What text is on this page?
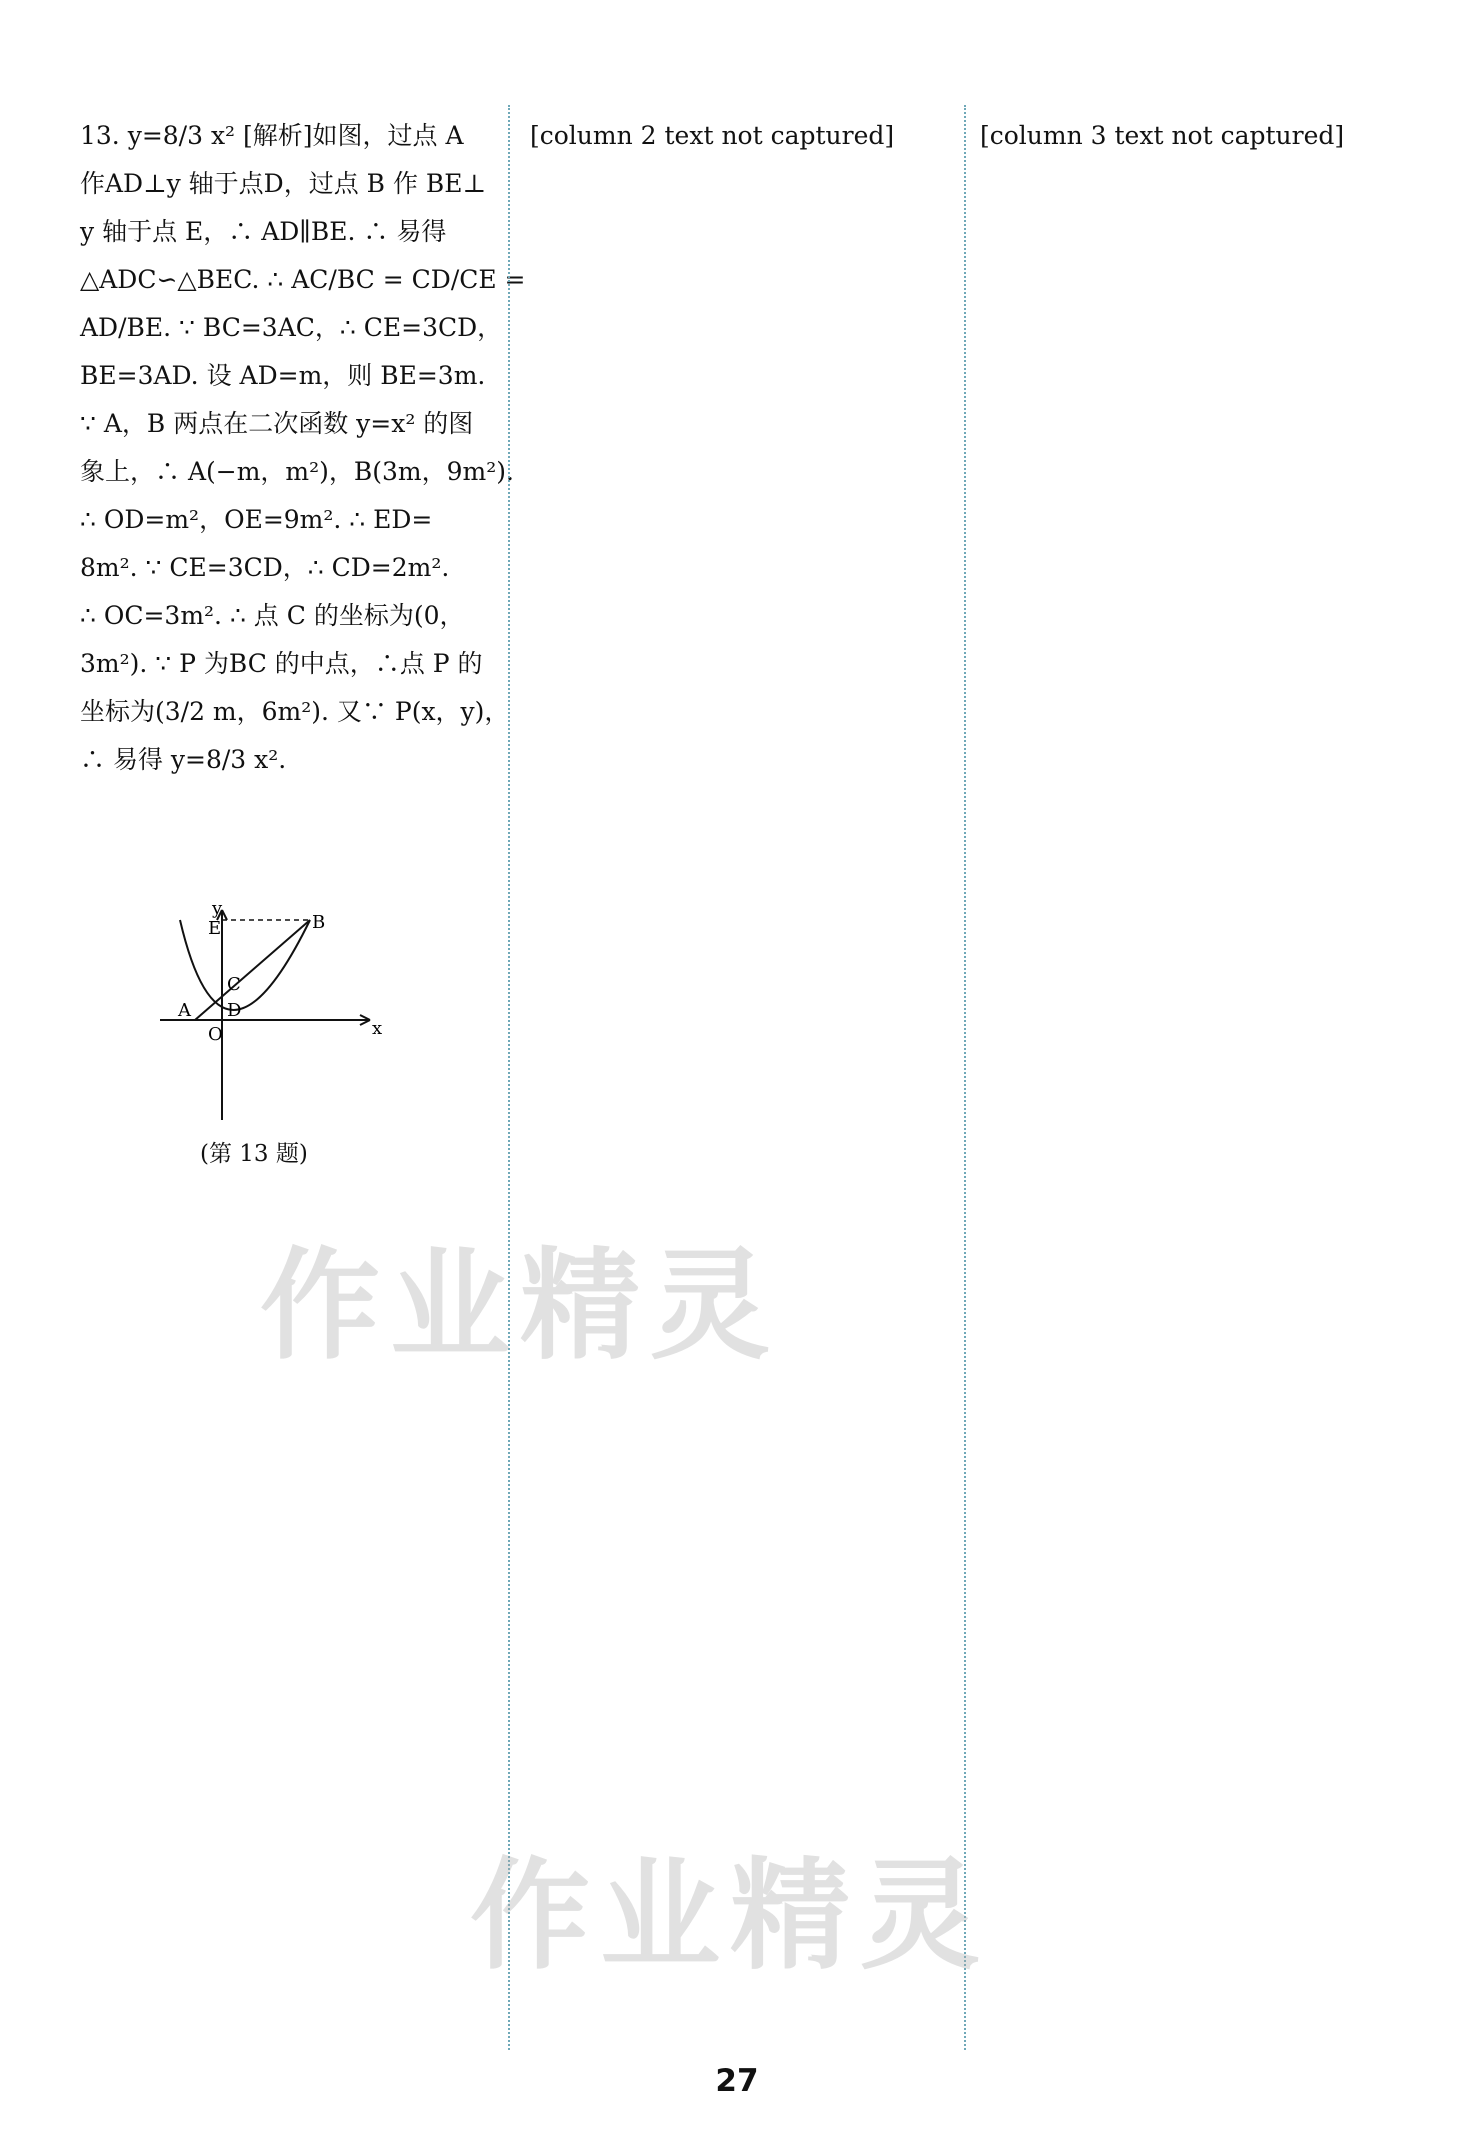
13. y=8/3 x² [解析]如图，过点 A

作AD⊥y 轴于点D，过点 B 作 BE⊥

y 轴于点 E，∴ AD∥BE. ∴ 易得

△ADC∽△BEC. ∴ AC/BC = CD/CE =

AD/BE. ∵ BC=3AC，∴ CE=3CD，

BE=3AD. 设 AD=m，则 BE=3m.

∵ A，B 两点在二次函数 y=x² 的图

象上，∴ A(−m，m²)，B(3m，9m²).

∴ OD=m²，OE=9m². ∴ ED=

8m². ∵ CE=3CD，∴ CD=2m².

∴ OC=3m². ∴ 点 C 的坐标为(0，

3m²). ∵ P 为BC 的中点，∴点 P 的

坐标为(3/2 m，6m²). 又∵ P(x，y)，

∴ 易得 y=8/3 x².

[column 2 text not captured]	[column 3 text not captured]

y
E	B
C
A D
O	x
(第 13 题)
作业精灵
作业精灵
27
